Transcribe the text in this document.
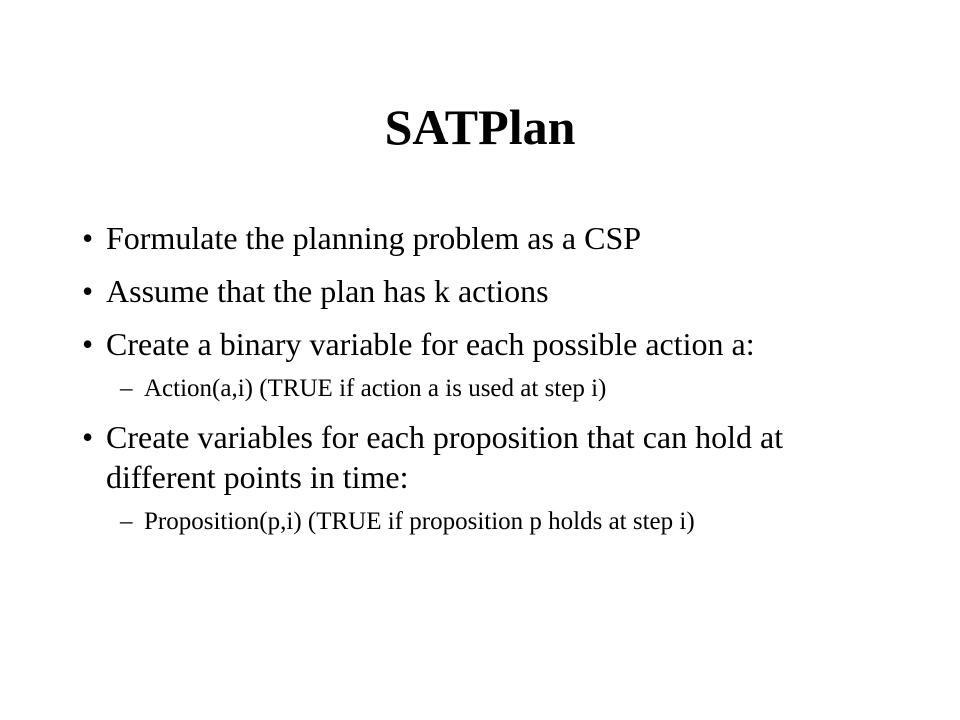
SATPlan
• Formulate the planning problem as a CSP
• Assume that the plan has k actions
• Create a binary variable for each possible action a:
– Action(a,i) (TRUE if action a is used at step i)
• Create variables for each proposition that can hold at different points in time:
– Proposition(p,i) (TRUE if proposition p holds at step i)
